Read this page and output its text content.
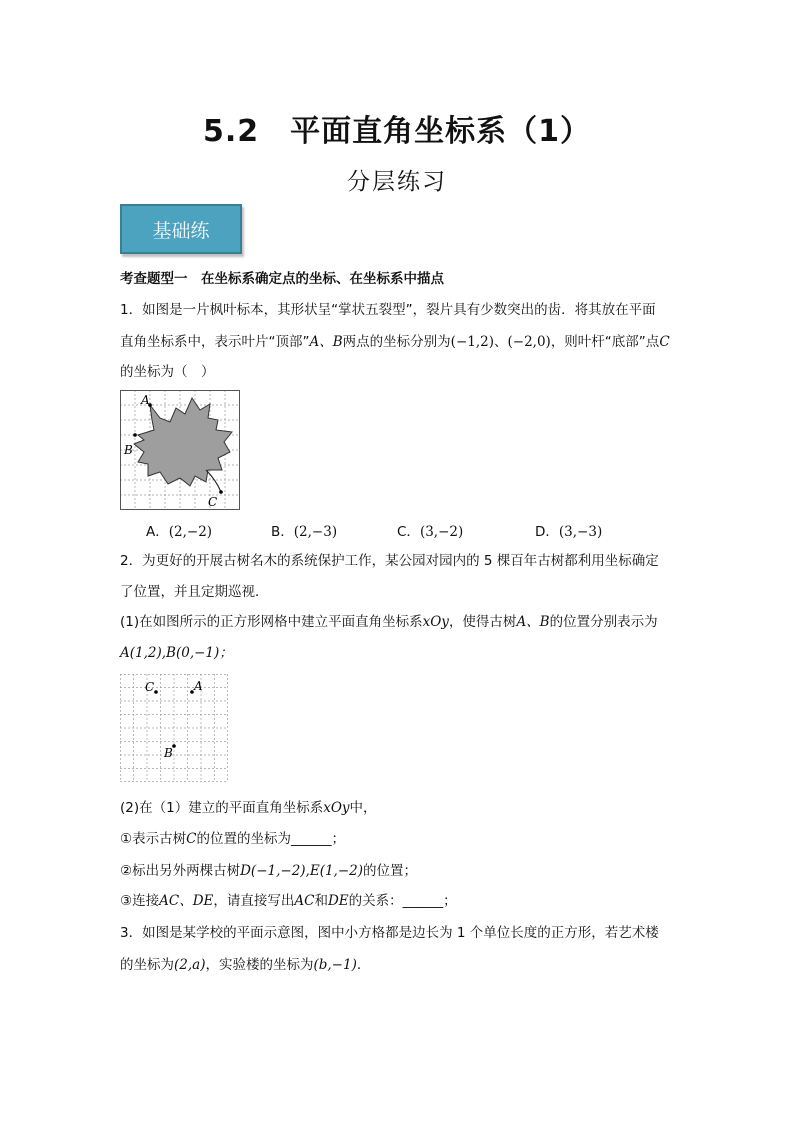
5.2　平面直角坐标系（1）
分层练习
基础练
考查题型一　在坐标系确定点的坐标、在坐标系中描点
1．如图是一片枫叶标本，其形状呈“掌状五裂型”，裂片具有少数突出的齿．将其放在平面
直角坐标系中，表示叶片“顶部”A、B两点的坐标分别为(−1,2)、(−2,0)，则叶杆“底部”点C
的坐标为（　）
A
B
C
A．(2,−2)	B．(2,−3)	C．(3,−2)	D．(3,−3)
2．为更好的开展古树名木的系统保护工作，某公园对园内的 5 棵百年古树都利用坐标确定
了位置，并且定期巡视．
(1)在如图所示的正方形网格中建立平面直角坐标系xOy，使得古树A、B的位置分别表示为
A(1,2),B(0,−1)；
C	A
B
(2)在（1）建立的平面直角坐标系xOy中，
①表示古树C的位置的坐标为______；
②标出另外两棵古树D(−1,−2),E(1,−2)的位置；
③连接AC、DE，请直接写出AC和DE的关系：______；
3．如图是某学校的平面示意图，图中小方格都是边长为 1 个单位长度的正方形，若艺术楼
的坐标为(2,a)，实验楼的坐标为(b,−1).
